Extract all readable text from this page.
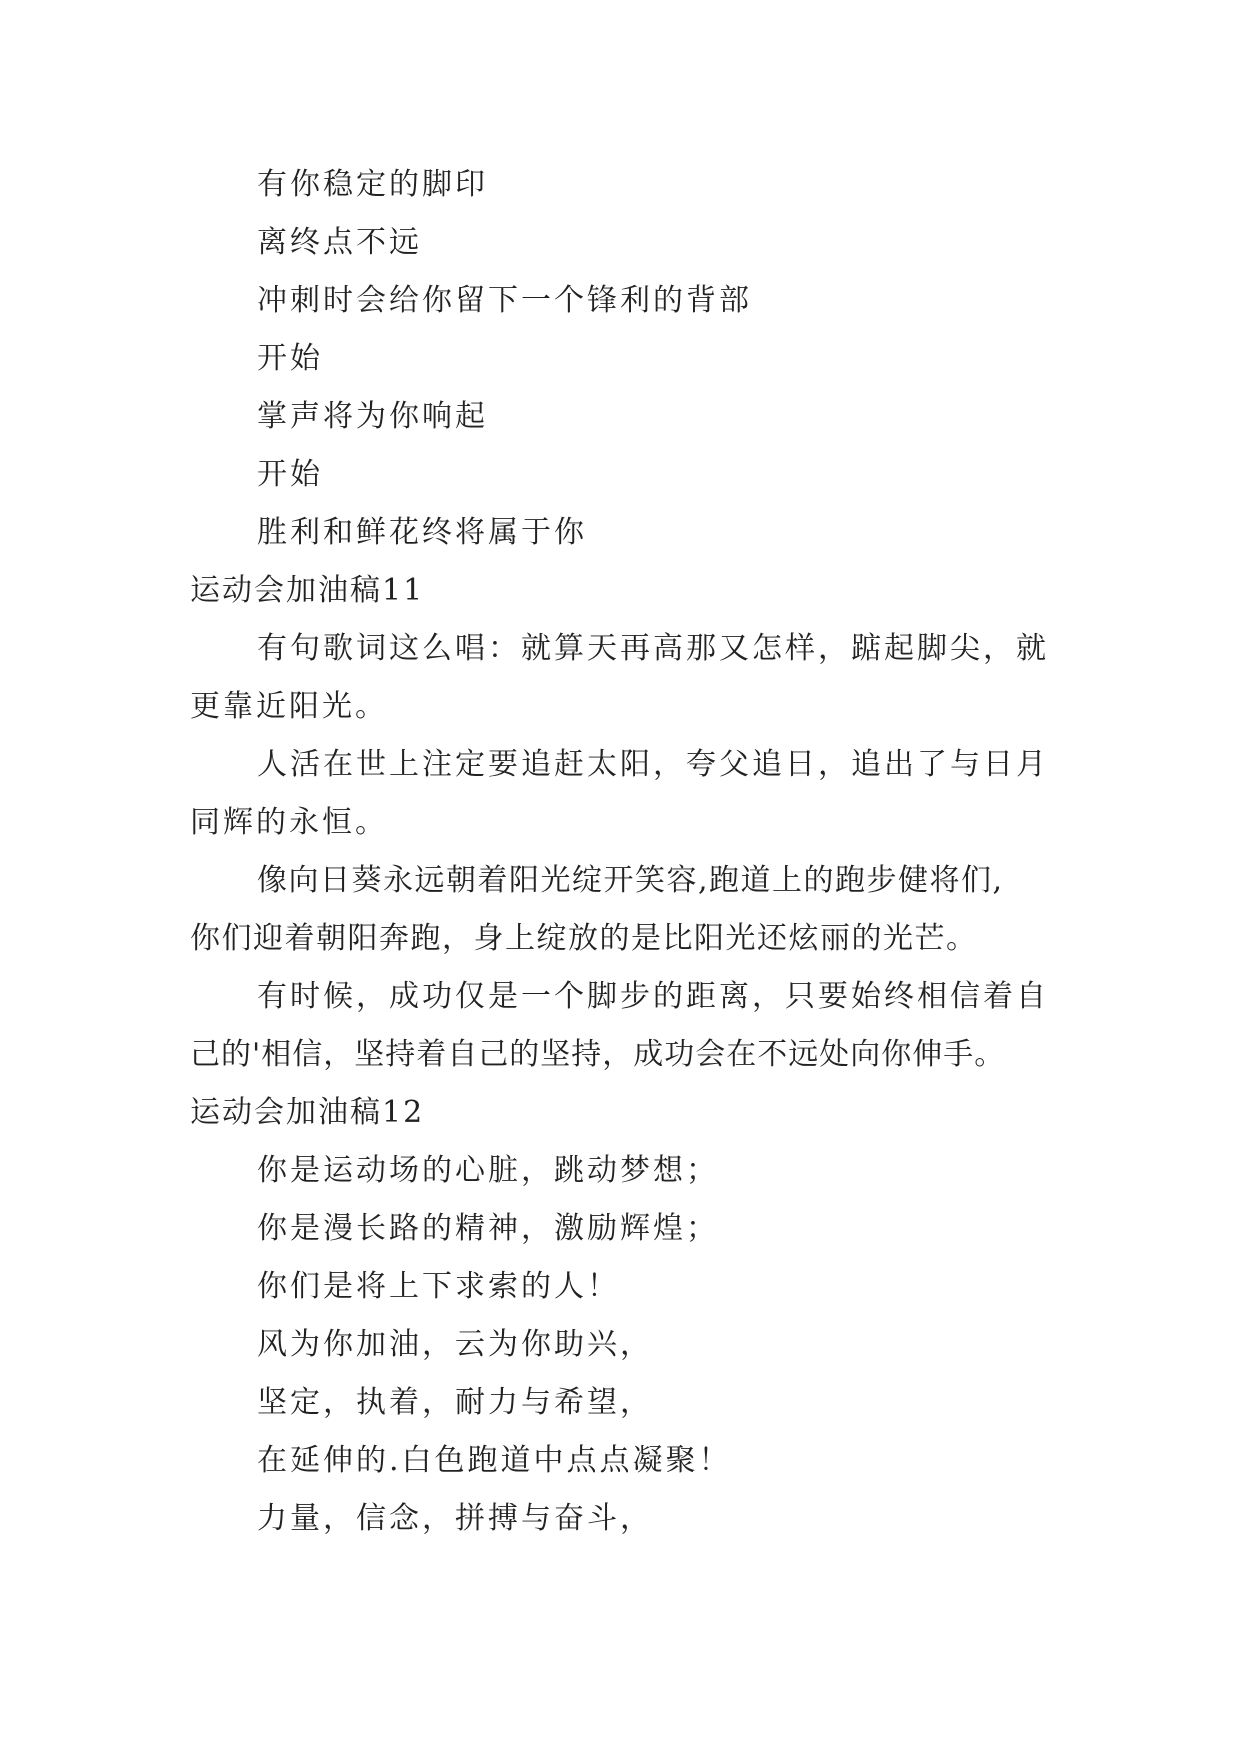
有你稳定的脚印
离终点不远
冲刺时会给你留下一个锋利的背部
开始
掌声将为你响起
开始
胜利和鲜花终将属于你
运动会加油稿11
有句歌词这么唱：就算天再高那又怎样，踮起脚尖，就
更靠近阳光。
人活在世上注定要追赶太阳，夸父追日，追出了与日月
同辉的永恒。
像向日葵永远朝着阳光绽开笑容,跑道上的跑步健将们,
你们迎着朝阳奔跑，身上绽放的是比阳光还炫丽的光芒。
有时候，成功仅是一个脚步的距离，只要始终相信着自
己的'相信，坚持着自己的坚持，成功会在不远处向你伸手。
运动会加油稿12
你是运动场的心脏，跳动梦想；
你是漫长路的精神，激励辉煌；
你们是将上下求索的人！
风为你加油，云为你助兴，
坚定，执着，耐力与希望，
在延伸的.白色跑道中点点凝聚！
力量，信念，拼搏与奋斗，
